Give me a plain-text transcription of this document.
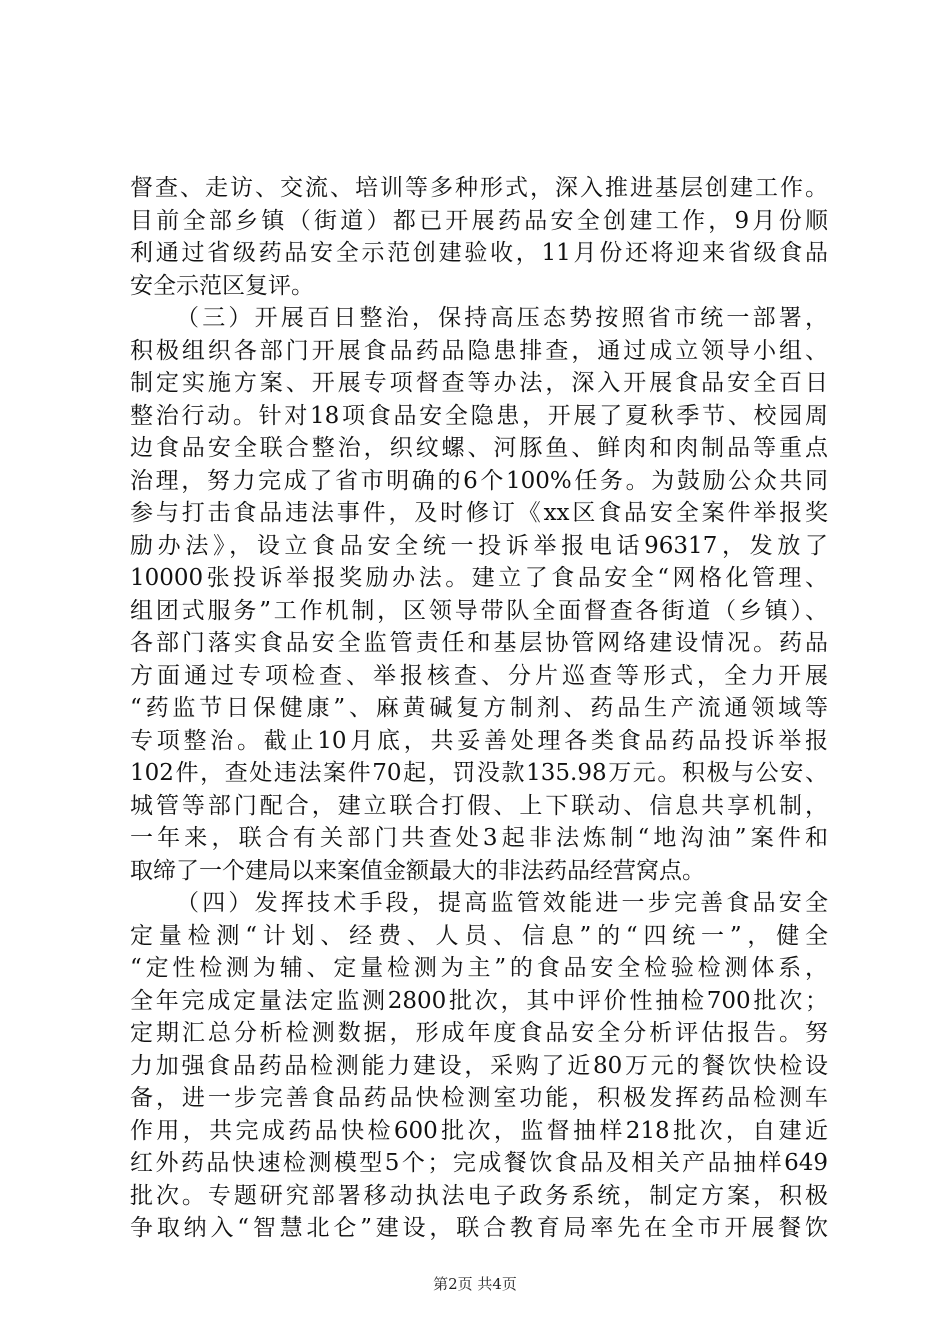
督查、走访、交流、培训等多种形式，深入推进基层创建工作。
目前全部乡镇（街道）都已开展药品安全创建工作，9月份顺
利通过省级药品安全示范创建验收，11月份还将迎来省级食品
安全示范区复评。
（三）开展百日整治，保持高压态势按照省市统一部署，
积极组织各部门开展食品药品隐患排查，通过成立领导小组、
制定实施方案、开展专项督查等办法，深入开展食品安全百日
整治行动。针对18项食品安全隐患，开展了夏秋季节、校园周
边食品安全联合整治，织纹螺、河豚鱼、鲜肉和肉制品等重点
治理，努力完成了省市明确的6个100%任务。为鼓励公众共同
参与打击食品违法事件，及时修订《xx区食品安全案件举报奖
励办法》，设立食品安全统一投诉举报电话96317，发放了
10000张投诉举报奖励办法。建立了食品安全“网格化管理、
组团式服务”工作机制，区领导带队全面督查各街道（乡镇）、
各部门落实食品安全监管责任和基层协管网络建设情况。药品
方面通过专项检查、举报核查、分片巡查等形式，全力开展
“药监节日保健康”、麻黄碱复方制剂、药品生产流通领域等
专项整治。截止10月底，共妥善处理各类食品药品投诉举报
102件，查处违法案件70起，罚没款135.98万元。积极与公安、
城管等部门配合，建立联合打假、上下联动、信息共享机制，
一年来，联合有关部门共查处3起非法炼制“地沟油”案件和
取缔了一个建局以来案值金额最大的非法药品经营窝点。
（四）发挥技术手段，提高监管效能进一步完善食品安全
定量检测“计划、经费、人员、信息”的“四统一”，健全
“定性检测为辅、定量检测为主”的食品安全检验检测体系，
全年完成定量法定监测2800批次，其中评价性抽检700批次；
定期汇总分析检测数据，形成年度食品安全分析评估报告。努
力加强食品药品检测能力建设，采购了近80万元的餐饮快检设
备，进一步完善食品药品快检测室功能，积极发挥药品检测车
作用，共完成药品快检600批次，监督抽样218批次，自建近
红外药品快速检测模型5个；完成餐饮食品及相关产品抽样649
批次。专题研究部署移动执法电子政务系统，制定方案，积极
争取纳入“智慧北仑”建设，联合教育局率先在全市开展餐饮
第2页 共4页
